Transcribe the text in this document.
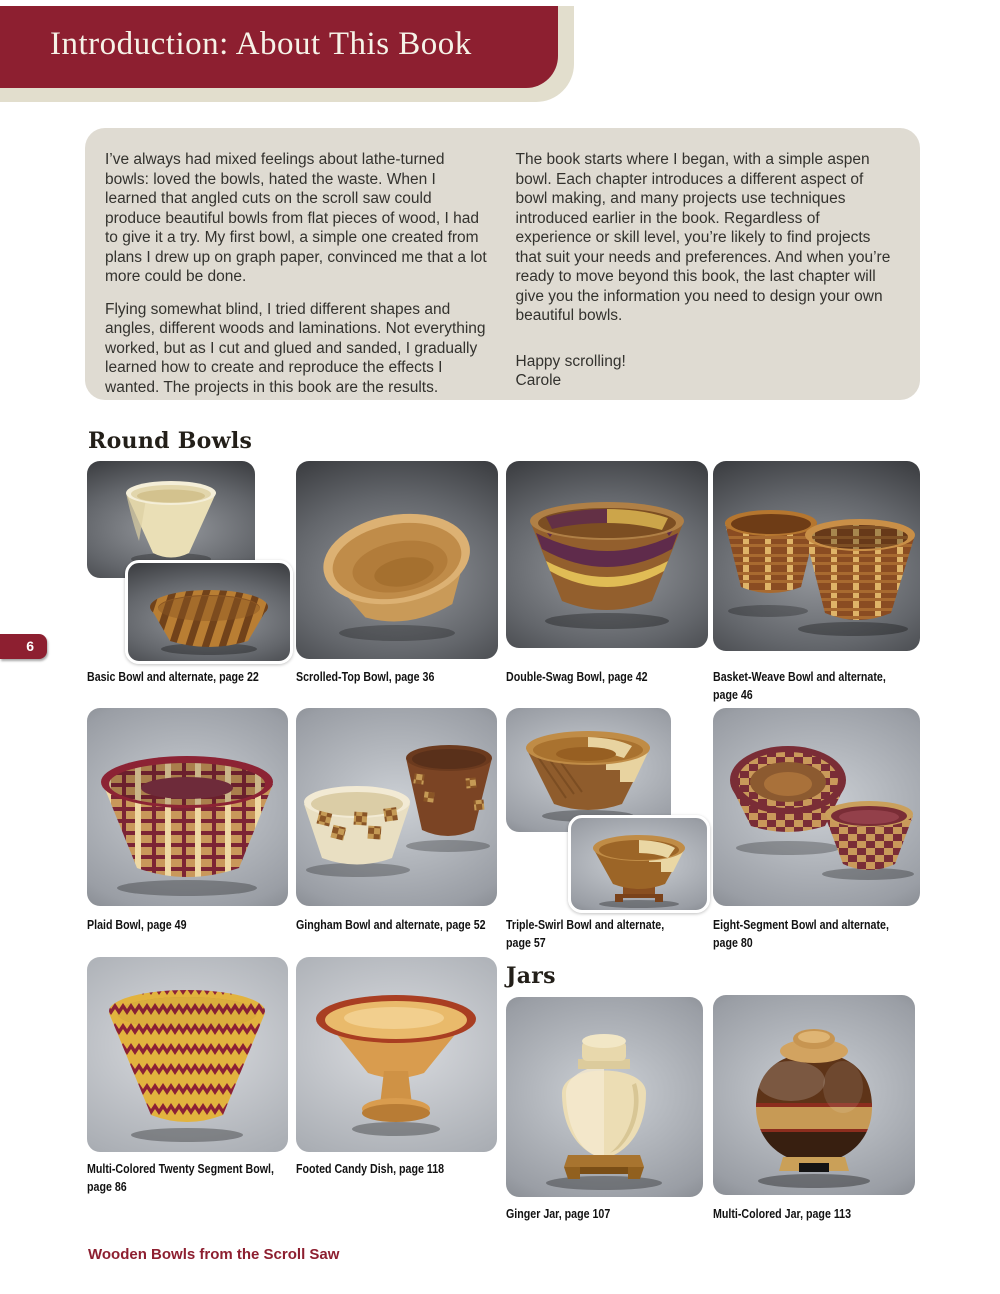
Introduction: About This Book

I’ve always had mixed feelings about lathe-turned bowls: loved the bowls, hated the waste. When I learned that angled cuts on the scroll saw could produce beautiful bowls from flat pieces of wood, I had to give it a try. My first bowl, a simple one created from plans I drew up on graph paper, convinced me that a lot more could be done.

Flying somewhat blind, I tried different shapes and angles, different woods and laminations. Not everything worked, but as I cut and glued and sanded, I gradually learned how to create and reproduce the effects I wanted. The projects in this book are the results.

The book starts where I began, with a simple aspen bowl. Each chapter introduces a different aspect of bowl making, and many projects use techniques introduced earlier in the book. Regardless of experience or skill level, you’re likely to find projects that suit your needs and preferences. And when you’re ready to move beyond this book, the last chapter will give you the information you need to design your own beautiful bowls.

Happy scrolling!
Carole
Round Bowls
Basic Bowl and alternate, page 22	Scrolled-Top Bowl, page 36	Double-Swag Bowl, page 42	Basket-Weave Bowl and alternate,
page 46
Plaid Bowl, page 49	Gingham Bowl and alternate, page 52 Triple-Swirl Bowl and alternate,
page 57
Eight-Segment Bowl and alternate,
page 80
Multi-Colored Twenty Segment Bowl,
page 86
Footed Candy Dish, page 118
Jars
Ginger Jar, page 107	Multi-Colored Jar, page 113
6
Wooden Bowls from the Scroll Saw
